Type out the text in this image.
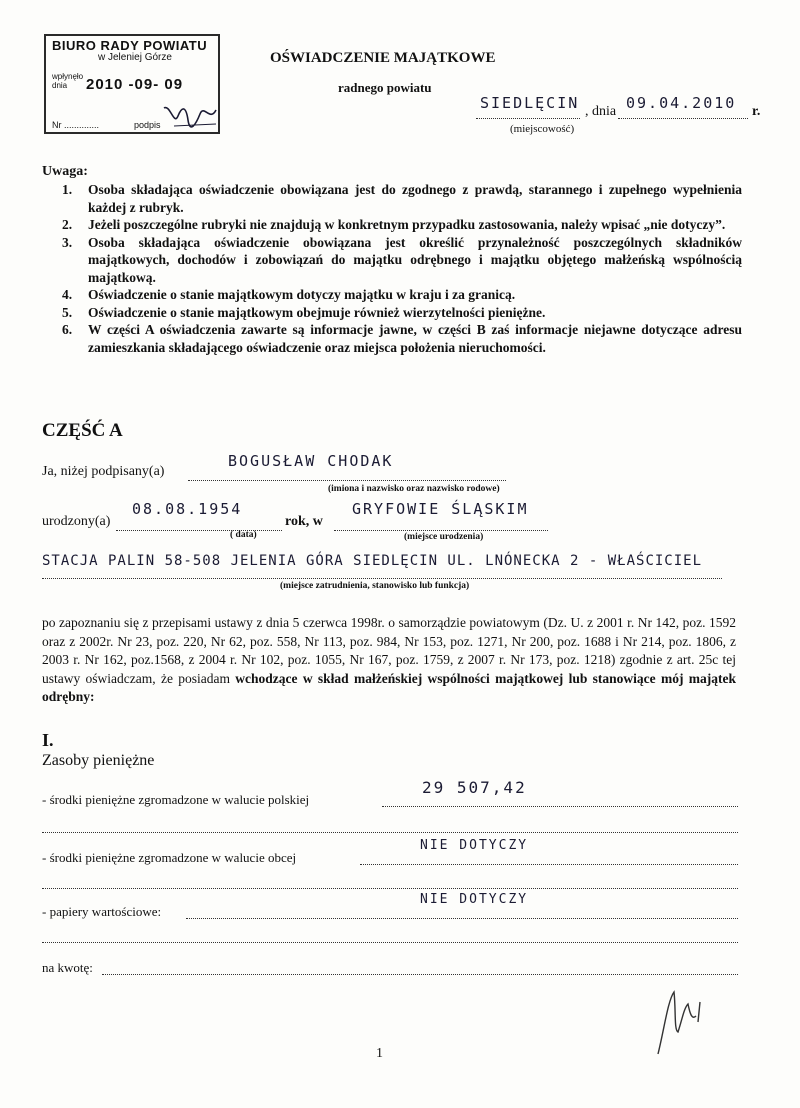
BIURO RADY POWIATU
w Jeleniej Górze
wpłynęło
dnia	2010 -09- 09
Nr ..............	podpis
OŚWIADCZENIE MAJĄTKOWE
radnego powiatu
SIEDLĘCIN , dnia 09.04.2010 r.
(miejscowość)
Uwaga:
1.	Osoba składająca oświadczenie obowiązana jest do zgodnego z prawdą, starannego i zupełnego wypełnienia każdej z rubryk.
2.	Jeżeli poszczególne rubryki nie znajdują w konkretnym przypadku zastosowania, należy wpisać „nie dotyczy”.
3.	Osoba składająca oświadczenie obowiązana jest określić przynależność poszczególnych składników majątkowych, dochodów i zobowiązań do majątku odrębnego i majątku objętego małżeńską wspólnością majątkową.
4.	Oświadczenie o stanie majątkowym dotyczy majątku w kraju i za granicą.
5.	Oświadczenie o stanie majątkowym obejmuje również wierzytelności pieniężne.
6.	W części A oświadczenia zawarte są informacje jawne, w części B zaś informacje niejawne dotyczące adresu zamieszkania składającego oświadczenie oraz miejsca położenia nieruchomości.
CZĘŚĆ A
Ja, niżej podpisany(a)
BOGUSŁAW CHODAK
(imiona i nazwisko oraz nazwisko rodowe)
urodzony(a)
08.08.1954
rok, w
GRYFOWIE ŚLĄSKIM
( data)	(miejsce urodzenia)
STACJA PALIN 58-508 JELENIA GÓRA SIEDLĘCIN UL. LNÓNECKA 2 - WŁAŚCICIEL
(miejsce zatrudnienia, stanowisko lub funkcja)
po zapoznaniu się z przepisami ustawy z dnia 5 czerwca 1998r. o samorządzie powiatowym (Dz. U. z 2001 r. Nr 142, poz. 1592 oraz z 2002r. Nr 23, poz. 220, Nr 62, poz. 558, Nr 113, poz. 984, Nr 153, poz. 1271, Nr 200, poz. 1688 i Nr 214, poz. 1806, z 2003 r. Nr 162, poz.1568, z 2004 r. Nr 102, poz. 1055, Nr 167, poz. 1759, z 2007 r. Nr 173, poz. 1218) zgodnie z art. 25c tej ustawy oświadczam, że posiadam wchodzące w skład małżeńskiej wspólności majątkowej lub stanowiące mój majątek odrębny:
I.
Zasoby pieniężne
- środki pieniężne zgromadzone w walucie polskiej
29 507,42
- środki pieniężne zgromadzone w walucie obcej
NIE DOTYCZY
- papiery wartościowe:
NIE DOTYCZY
na kwotę:
1
